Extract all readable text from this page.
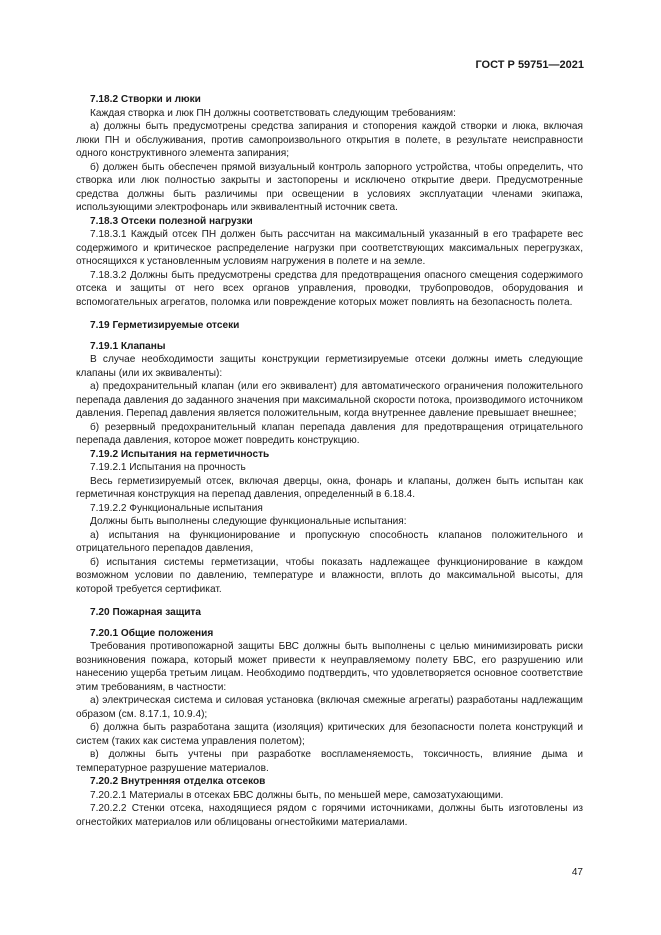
ГОСТ Р 59751—2021

7.18.2 Створки и люки

Каждая створка и люк ПН должны соответствовать следующим требованиям:

а) должны быть предусмотрены средства запирания и стопорения каждой створки и люка, включая люки ПН и обслуживания, против самопроизвольного открытия в полете, в результате неисправности одного конструктивного элемента запирания;

б) должен быть обеспечен прямой визуальный контроль запорного устройства, чтобы определить, что створка или люк полностью закрыты и застопорены и исключено открытие двери. Предусмотренные средства должны быть различимы при освещении в условиях эксплуатации членами экипажа, использующими электрофонарь или эквивалентный источник света.

7.18.3 Отсеки полезной нагрузки

7.18.3.1 Каждый отсек ПН должен быть рассчитан на максимальный указанный в его трафарете вес содержимого и критическое распределение нагрузки при соответствующих максимальных перегрузках, относящихся к установленным условиям нагружения в полете и на земле.

7.18.3.2 Должны быть предусмотрены средства для предотвращения опасного смещения содержимого отсека и защиты от него всех органов управления, проводки, трубопроводов, оборудования и вспомогательных агрегатов, поломка или повреждение которых может повлиять на безопасность полета.

7.19 Герметизируемые отсеки

7.19.1 Клапаны

В случае необходимости защиты конструкции герметизируемые отсеки должны иметь следующие клапаны (или их эквиваленты):

а) предохранительный клапан (или его эквивалент) для автоматического ограничения положительного перепада давления до заданного значения при максимальной скорости потока, производимого источником давления. Перепад давления является положительным, когда внутреннее давление превышает внешнее;

б) резервный предохранительный клапан перепада давления для предотвращения отрицательного перепада давления, которое может повредить конструкцию.

7.19.2 Испытания на герметичность

7.19.2.1 Испытания на прочность

Весь герметизируемый отсек, включая дверцы, окна, фонарь и клапаны, должен быть испытан как герметичная конструкция на перепад давления, определенный в 6.18.4.

7.19.2.2 Функциональные испытания

Должны быть выполнены следующие функциональные испытания:

а) испытания на функционирование и пропускную способность клапанов положительного и отрицательного перепадов давления,

б) испытания системы герметизации, чтобы показать надлежащее функционирование в каждом возможном условии по давлению, температуре и влажности, вплоть до максимальной высоты, для которой требуется сертификат.

7.20 Пожарная защита

7.20.1 Общие положения

Требования противопожарной защиты БВС должны быть выполнены с целью минимизировать риски возникновения пожара, который может привести к неуправляемому полету БВС, его разрушению или нанесению ущерба третьим лицам. Необходимо подтвердить, что удовлетворяется основное соответствие этим требованиям, в частности:

а) электрическая система и силовая установка (включая смежные агрегаты) разработаны надлежащим образом (см. 8.17.1, 10.9.4);

б) должна быть разработана защита (изоляция) критических для безопасности полета конструкций и систем (таких как система управления полетом);

в) должны быть учтены при разработке воспламеняемость, токсичность, влияние дыма и температурное разрушение материалов.

7.20.2 Внутренняя отделка отсеков

7.20.2.1 Материалы в отсеках БВС должны быть, по меньшей мере, самозатухающими.

7.20.2.2 Стенки отсека, находящиеся рядом с горячими источниками, должны быть изготовлены из огнестойких материалов или облицованы огнестойкими материалами.

47
